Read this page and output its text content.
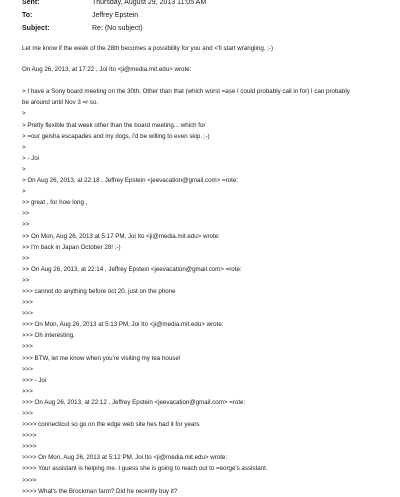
Sent:	Thursday, August 29, 2013 11:05 AM
To:	Jeffrey Epstein
Subject:	Re: (No subject)
Let me know if the week of the 28th becomes a possibility for you and <'ll start wrangling. ;-)
On Aug 26, 2013, at 17:22 , Joi Ito <ji@media.mit.edu> wrote:
> I have a Sony board meeting on the 30th. Other than that (which worst =ase I could probably call in for) I can probably
be around until Nov 3 =r so.
>
> Pretty flexible that week other than the board meeting... which for
> =our geisha escapades and my dogs, I'd be willing to even skip. ;-)
>
> - Joi
>
> On Aug 26, 2013, at 22:18 , Jeffrey Epstein <jeevacation@gmail.com> =rote:
>
>> great , for how long ,
>>
>>
>> On Mon, Aug 26, 2013 at 5:17 PM, Joi Ito <ji@media.mit.edu> wrote:
>> I'm back in Japan October 28! ;-)
>>
>> On Aug 26, 2013, at 22:14 , Jeffrey Epstein <jeevacation@gmail.com> =rote:
>>
>>> cannot do anything before oct 20. just on the phone
>>>
>>>
>>> On Mon, Aug 26, 2013 at 5:13 PM, Joi Ito <ji@media.mit.edu> wrote:
>>> Oh interesting.
>>>
>>> BTW, let me know when you're visiting my tea house!
>>>
>>> - Joi
>>>
>>> On Aug 26, 2013, at 22:12 , Jeffrey Epstein <jeevacation@gmail.com> =rote:
>>>
>>>> connecticut so go on the edge web site hes had it for years
>>>>
>>>>
>>>> On Mon, Aug 26, 2013 at 5:12 PM, Joi Ito <ji@media.mit.edu> wrote:
>>>> Your assistant is helping me. I guess she is going to reach out to =eorge's assistant.
>>>>
>>>> What's the Brockman farm? Did he recently buy it?
